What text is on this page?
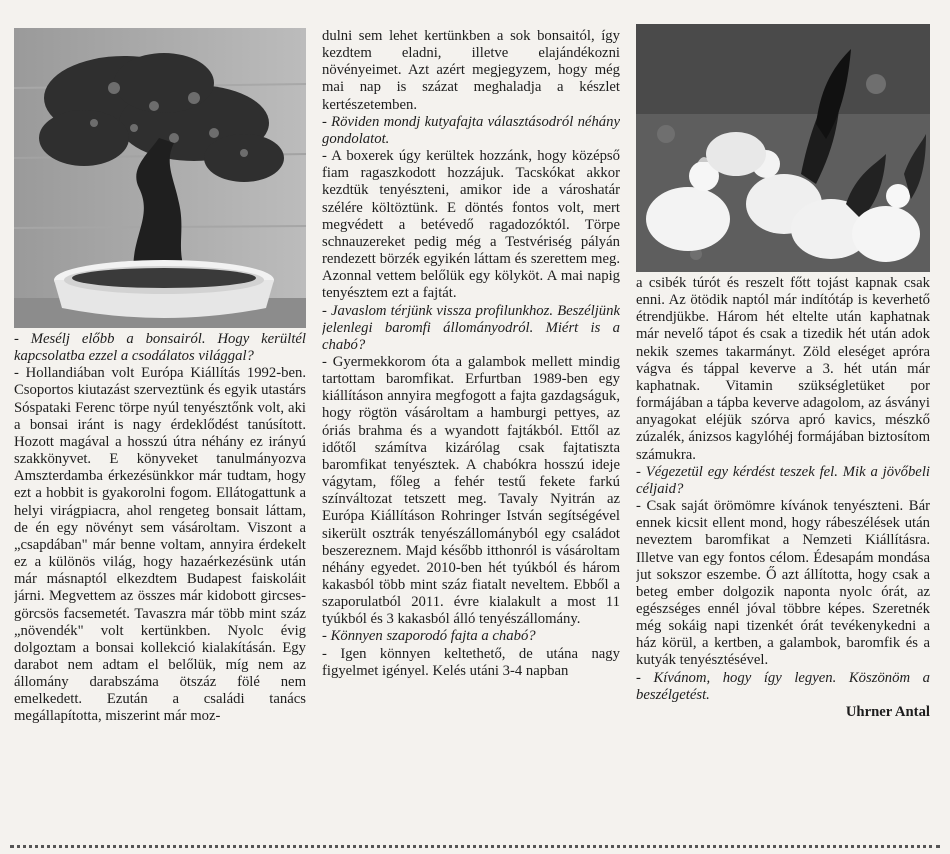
- Mesélj előbb a bonsairól. Hogy kerültél kapcsolatba ezzel a csodálatos világgal?

- Hollandiában volt Európa Kiállítás 1992-ben. Csoportos kiutazást szerveztünk és egyik utastárs Sóspataki Ferenc törpe nyúl tenyésztőnk volt, aki a bonsai iránt is nagy érdeklődést tanúsított. Hozott magával a hosszú útra néhány ez irányú szakkönyvet. E könyveket tanulmányozva Amszterdamba érkezésünkkor már tudtam, hogy ezt a hobbit is gyakorolni fogom. Ellátogattunk a helyi virágpiacra, ahol rengeteg bonsait láttam, de én egy növényt sem vásároltam. Viszont a „csapdában" már benne voltam, annyira érdekelt ez a különös világ, hogy hazaérkezésünk után már másnaptól elkezdtem Budapest faiskoláit járni. Megvettem az összes már kidobott gircses-görcsös facsemetét. Tavaszra már több mint száz „növendék" volt kertünkben. Nyolc évig dolgoztam a bonsai kollekció kialakításán. Egy darabot nem adtam el belőlük, míg nem az állomány darabszáma ötszáz fölé nem emelkedett. Ezután a családi tanács megállapította, miszerint már moz-

dulni sem lehet kertünkben a sok bonsaitól, így kezdtem eladni, illetve elajándékozni növényeimet. Azt azért megjegyzem, hogy még mai nap is százat meghaladja a készlet kertészetemben.

- Röviden mondj kutyafajta választásodról néhány gondolatot.

- A boxerek úgy kerültek hozzánk, hogy középső fiam ragaszkodott hozzájuk. Tacskókat akkor kezdtük tenyészteni, amikor ide a városhatár szélére költöztünk. E döntés fontos volt, mert megvédett a betévedő ragadozóktól. Törpe schnauzereket pedig még a Testvériség pályán rendezett börzék egyikén láttam és szerettem meg. Azonnal vettem belőlük egy kölyköt. A mai napig tenyésztem ezt a fajtát.

- Javaslom térjünk vissza profilunkhoz. Beszéljünk jelenlegi baromfi állományodról. Miért is a chabó?

- Gyermekkorom óta a galambok mellett mindig tartottam baromfikat. Erfurtban 1989-ben egy kiállításon annyira megfogott a fajta gazdagságuk, hogy rögtön vásároltam a hamburgi pettyes, az óriás brahma és a wyandott fajtákból. Ettől az időtől számítva kizárólag csak fajtatiszta baromfikat tenyésztek. A chabókra hosszú ideje vágytam, főleg a fehér testű fekete farkú színváltozat tetszett meg. Tavaly Nyitrán az Európa Kiállításon Rohringer István segítségével sikerült osztrák tenyészállományból egy családot beszereznem. Majd később itthonról is vásároltam néhány egyedet. 2010-ben hét tyúkból és három kakasból több mint száz fiatalt neveltem. Ebből a szaporulatból 2011. évre kialakult a most 11 tyúkból és 3 kakasból álló tenyészállomány.

- Könnyen szaporodó fajta a chabó?

- Igen könnyen keltethető, de utána nagy figyelmet igényel. Kelés utáni 3-4 napban

a csibék túrót és reszelt főtt tojást kapnak csak enni. Az ötödik naptól már indítótáp is keverhető étrendjükbe. Három hét eltelte után kaphatnak már nevelő tápot és csak a tizedik hét után adok nekik szemes takarmányt. Zöld eleséget apróra vágva és táppal keverve a 3. hét után már kaphatnak. Vitamin szükségletüket por formájában a tápba keverve adagolom, az ásványi anyagokat eléjük szórva apró kavics, mészkő zúzalék, ánizsos kagylóhéj formájában biztosítom számukra.

- Végezetül egy kérdést teszek fel. Mik a jövőbeli céljaid?

- Csak saját örömömre kívánok tenyészteni. Bár ennek kicsit ellent mond, hogy rábeszélések után neveztem baromfikat a Nemzeti Kiállításra. Illetve van egy fontos célom. Édesapám mondása jut sokszor eszembe. Ő azt állította, hogy csak a beteg ember dolgozik naponta nyolc órát, az egészséges ennél jóval többre képes. Szeretnék még sokáig napi tizenkét órát tevékenykedni a ház körül, a kertben, a galambok, baromfik és a kutyák tenyésztésével.

- Kívánom, hogy így legyen. Köszönöm a beszélgetést.

Uhrner Antal
